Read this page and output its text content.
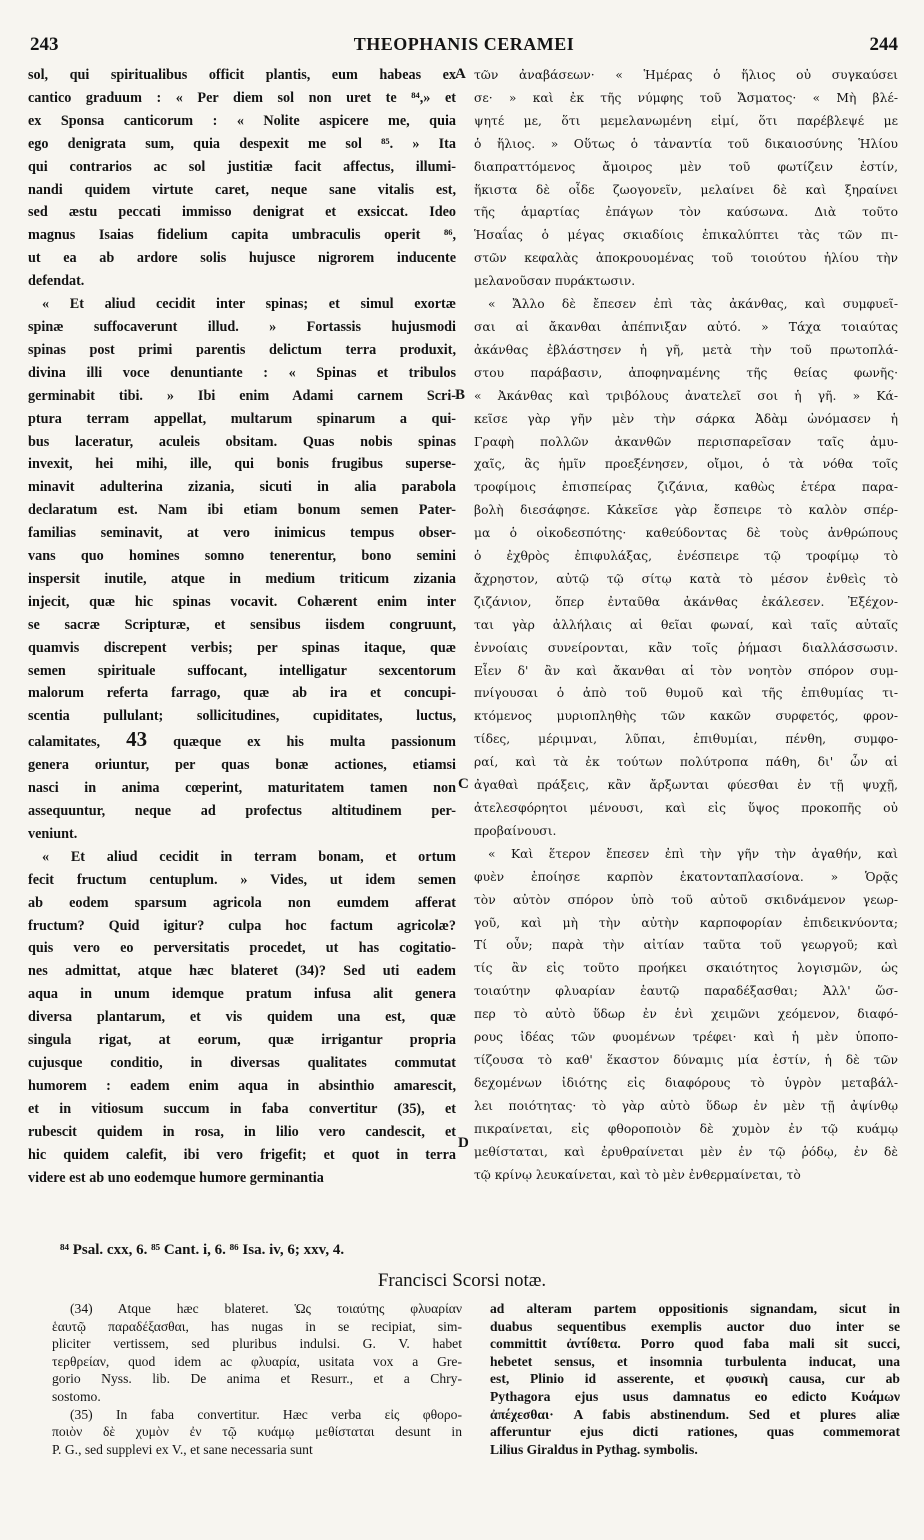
243	THEOPHANIS CERAMEI	244
sol, qui spiritualibus officit plantis, eum habeas ex
cantico graduum : « Per diem sol non uret te ⁸⁴,» et
ex Sponsa canticorum : « Nolite aspicere me, quia
ego denigrata sum, quia despexit me sol ⁸⁵. » Ita
qui contrarios ac sol justitiæ facit affectus, illumi-
nandi quidem virtute caret, neque sane vitalis est,
sed æstu peccati immisso denigrat et exsiccat. Ideo
magnus Isaias fidelium capita umbraculis operit ⁸⁶,
ut ea ab ardore solis hujusce nigrorem inducente
defendat.
« Et aliud cecidit inter spinas; et simul exortæ
spinæ suffocaverunt illud. » Fortassis hujusmodi
spinas post primi parentis delictum terra produxit,
divina illi voce denuntiante : « Spinas et tribulos
germinabit tibi. » Ibi enim Adami carnem Scri-
ptura terram appellat, multarum spinarum a qui-
bus laceratur, aculeis obsitam. Quas nobis spinas
invexit, hei mihi, ille, qui bonis frugibus superse-
minavit adulterina zizania, sicuti in alia parabola
declaratum est. Nam ibi etiam bonum semen Pater-
familias seminavit, at vero inimicus tempus obser-
vans quo homines somno tenerentur, bono semini
inspersit inutile, atque in medium triticum zizania
injecit, quæ hic spinas vocavit. Cohærent enim inter
se sacræ Scripturæ, et sensibus iisdem congruunt,
quamvis discrepent verbis; per spinas itaque, quæ
semen spirituale suffocant, intelligatur sexcentorum
malorum referta farrago, quæ ab ira et concupi-
scentia pullulant; sollicitudines, cupiditates, luctus,
calamitates, 43 quæque ex his multa passionum
genera oriuntur, per quas bonæ actiones, etiamsi
nasci in anima cœperint, maturitatem tamen non
assequuntur, neque ad profectus altitudinem per-
veniunt.
« Et aliud cecidit in terram bonam, et ortum
fecit fructum centuplum. » Vides, ut idem semen
ab eodem sparsum agricola non eumdem afferat
fructum? Quid igitur? culpa hoc factum agricolæ?
quis vero eo perversitatis procedet, ut has cogitatio-
nes admittat, atque hæc blateret (34)? Sed uti eadem
aqua in unum idemque pratum infusa alit genera
diversa plantarum, et vis quidem una est, quæ
singula rigat, at eorum, quæ irrigantur propria
cujusque conditio, in diversas qualitates commutat
humorem : eadem enim aqua in absinthio amarescit,
et in vitiosum succum in faba convertitur (35), et
rubescit quidem in rosa, in lilio vero candescit, et
hic quidem calefit, ibi vero frigefit; et quot in terra
videre est ab uno eodemque humore germinantia
τῶν ἀναβάσεων· « Ἡμέρας ὁ ἥλιος οὐ συγκαύσει
σε· » καὶ ἐκ τῆς νύμφης τοῦ Ἄσματος· « Μὴ βλέ-
ψητέ με, ὅτι μεμελανωμένη εἰμί, ὅτι παρέβλεψέ με
ὁ ἥλιος. » Οὕτως ὁ τἀναντία τοῦ δικαιοσύνης Ἡλίου
διαπραττόμενος ἄμοιρος μὲν τοῦ φωτίζειν ἐστίν,
ἥκιστα δὲ οἶδε ζωογονεῖν, μελαίνει δὲ καὶ ξηραίνει
τῆς ἁμαρτίας ἐπάγων τὸν καύσωνα. Διὰ τοῦτο
Ἡσαΐας ὁ μέγας σκιαδίοις ἐπικαλύπτει τὰς τῶν πι-
στῶν κεφαλὰς ἀποκρουομένας τοῦ τοιούτου ἡλίου τὴν
μελανοῦσαν πυράκτωσιν.
« Ἄλλο δὲ ἔπεσεν ἐπὶ τὰς ἀκάνθας, καὶ συμφυεῖ-
σαι αἱ ἄκανθαι ἀπέπνιξαν αὐτό. » Τάχα τοιαύτας
ἀκάνθας ἐβλάστησεν ἡ γῆ, μετὰ τὴν τοῦ πρωτοπλά-
στου παράβασιν, ἀποφηναμένης τῆς θείας φωνῆς·
« Ἀκάνθας καὶ τριβόλους ἀνατελεῖ σοι ἡ γῆ. » Κά-
κεῖσε γὰρ γῆν μὲν τὴν σάρκα Ἀδὰμ ὠνόμασεν ἡ
Γραφὴ πολλῶν ἀκανθῶν περισπαρεῖσαν ταῖς ἀμυ-
χαῖς, ἃς ἡμῖν προεξένησεν, οἴμοι, ὁ τὰ νόθα τοῖς
τροφίμοις ἐπισπείρας ζιζάνια, καθὼς ἑτέρα παρα-
βολὴ διεσάφησε. Κἀκεῖσε γὰρ ἔσπειρε τὸ καλὸν σπέρ-
μα ὁ οἰκοδεσπότης· καθεύδοντας δὲ τοὺς ἀνθρώπους
ὁ ἐχθρὸς ἐπιφυλάξας, ἐνέσπειρε τῷ τροφίμῳ τὸ
ἄχρηστον, αὐτῷ τῷ σίτῳ κατὰ τὸ μέσον ἐνθεὶς τὸ
ζιζάνιον, ὅπερ ἐνταῦθα ἀκάνθας ἐκάλεσεν. Ἐξέχον-
ται γὰρ ἀλλήλαις αἱ θεῖαι φωναί, καὶ ταῖς αὐταῖς
ἐννοίαις συνείρονται, κἂν τοῖς ῥήμασι διαλλάσσωσιν.
Εἶεν δ' ἂν καὶ ἄκανθαι αἱ τὸν νοητὸν σπόρον συμ-
πνίγουσαι ὁ ἀπὸ τοῦ θυμοῦ καὶ τῆς ἐπιθυμίας τι-
κτόμενος μυριοπληθὴς τῶν κακῶν συρφετός, φρον-
τίδες, μέριμναι, λῦπαι, ἐπιθυμίαι, πένθη, συμφο-
ραί, καὶ τὰ ἐκ τούτων πολύτροπα πάθη, δι' ὧν αἱ
ἀγαθαὶ πράξεις, κἂν ἄρξωνται φύεσθαι ἐν τῇ ψυχῇ,
ἀτελεσφόρητοι μένουσι, καὶ εἰς ὕψος προκοπῆς οὐ
προβαίνουσι.
« Καὶ ἕτερον ἔπεσεν ἐπὶ τὴν γῆν τὴν ἀγαθήν, καὶ
φυὲν ἐποίησε καρπὸν ἑκατονταπλασίονα. » Ὁρᾷς
τὸν αὐτὸν σπόρον ὑπὸ τοῦ αὐτοῦ σκιδνάμενον γεωρ-
γοῦ, καὶ μὴ τὴν αὐτὴν καρποφορίαν ἐπιδεικνύοντα;
Τί οὖν; παρὰ τὴν αἰτίαν ταῦτα τοῦ γεωργοῦ; καὶ
τίς ἂν εἰς τοῦτο προήκει σκαιότητος λογισμῶν, ὡς
τοιαύτην φλυαρίαν ἑαυτῷ παραδέξασθαι; Ἀλλ' ὥσ-
περ τὸ αὐτὸ ὕδωρ ἐν ἑνὶ χειμῶνι χεόμενον, διαφό-
ρους ἰδέας τῶν φυομένων τρέφει· καὶ ἡ μὲν ὑποπο-
τίζουσα τὸ καθ' ἕκαστον δύναμις μία ἐστίν, ἡ δὲ τῶν
δεχομένων ἰδιότης εἰς διαφόρους τὸ ὑγρὸν μεταβάλ-
λει ποιότητας· τὸ γὰρ αὐτὸ ὕδωρ ἐν μὲν τῇ ἀψίνθῳ
πικραίνεται, εἰς φθοροποιὸν δὲ χυμὸν ἐν τῷ κυάμῳ
μεθίσταται, καὶ ἐρυθραίνεται μὲν ἐν τῷ ῥόδῳ, ἐν δὲ
τῷ κρίνῳ λευκαίνεται, καὶ τὸ μὲν ἐνθερμαίνεται, τὸ
A
B
C
D
⁸⁴ Psal. cxx, 6. ⁸⁵ Cant. i, 6. ⁸⁶ Isa. iv, 6; xxv, 4.
Francisci Scorsi notæ.
(34) Atque hæc blateret. Ὡς τοιαύτης φλυαρίαν
ἑαυτῷ παραδέξασθαι, has nugas in se recipiat, sim-
pliciter vertissem, sed pluribus indulsi. G. V. habet
τερθρείαν, quod idem ac φλυαρία, usitata vox a Gre-
gorio Nyss. lib. De anima et Resurr., et a Chry-
sostomo.
(35) In faba convertitur. Hæc verba εἰς φθορο-
ποιὸν δὲ χυμὸν ἐν τῷ κυάμῳ μεθίσταται desunt in
P. G., sed supplevi ex V., et sane necessaria sunt
ad alteram partem oppositionis signandam, sicut in
duabus sequentibus exemplis auctor duo inter se
committit ἀντίθετα. Porro quod faba mali sit succi,
hebetet sensus, et insomnia turbulenta inducat, una
est, Plinio id asserente, et φυσικὴ causa, cur ab
Pythagora ejus usus damnatus eo edicto Κυάμων
ἀπέχεσθαι· A fabis abstinendum. Sed et plures aliæ
afferuntur ejus dicti rationes, quas commemorat
Lilius Giraldus in Pythag. symbolis.
